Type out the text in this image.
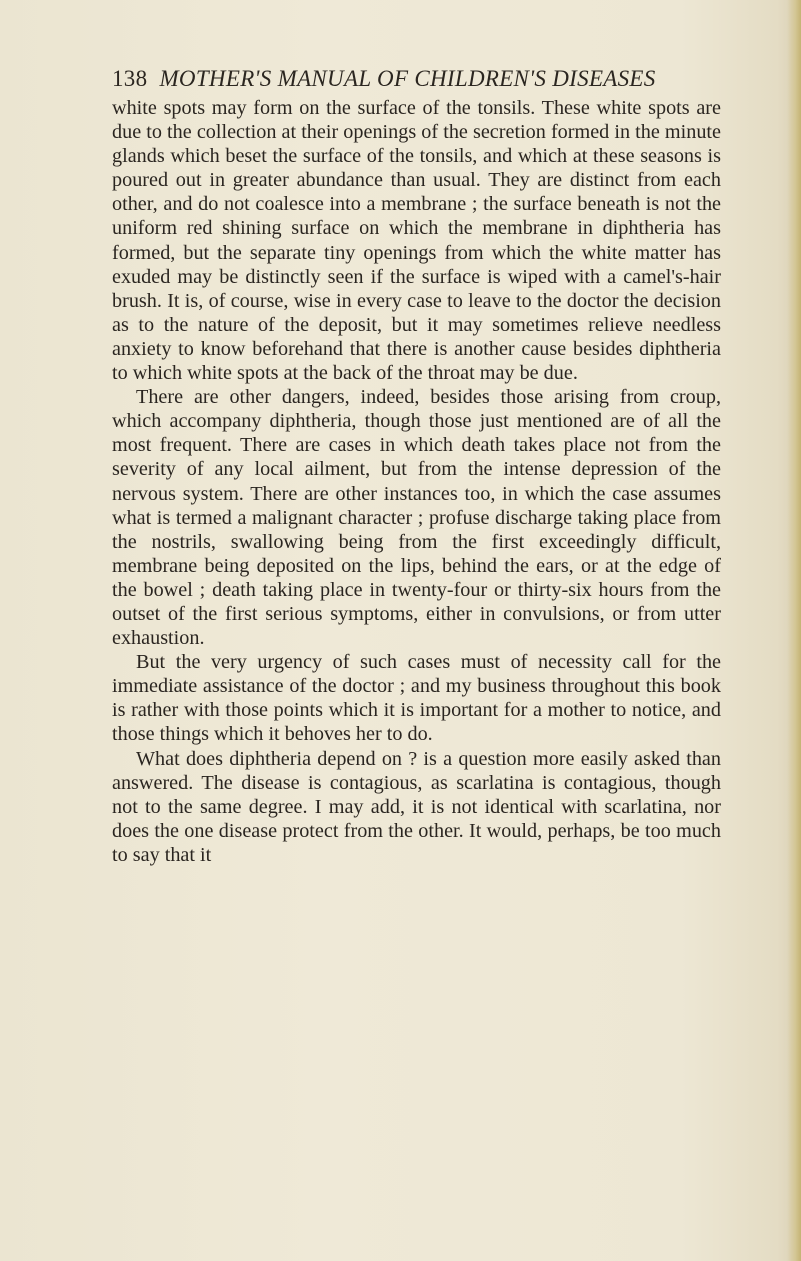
138 MOTHER'S MANUAL OF CHILDREN'S DISEASES

white spots may form on the surface of the tonsils. These white spots are due to the collection at their openings of the secretion formed in the minute glands which beset the surface of the tonsils, and which at these seasons is poured out in greater abundance than usual. They are distinct from each other, and do not coalesce into a membrane ; the surface beneath is not the uniform red shining surface on which the membrane in diphtheria has formed, but the separate tiny openings from which the white matter has exuded may be distinctly seen if the surface is wiped with a camel's-hair brush. It is, of course, wise in every case to leave to the doctor the decision as to the nature of the deposit, but it may sometimes relieve needless anxiety to know beforehand that there is another cause besides diphtheria to which white spots at the back of the throat may be due.

There are other dangers, indeed, besides those arising from croup, which accompany diphtheria, though those just mentioned are of all the most frequent. There are cases in which death takes place not from the severity of any local ailment, but from the intense depression of the nervous system. There are other instances too, in which the case assumes what is termed a malignant character ; profuse discharge taking place from the nostrils, swallowing being from the first exceedingly difficult, membrane being deposited on the lips, behind the ears, or at the edge of the bowel ; death taking place in twenty-four or thirty-six hours from the outset of the first serious symptoms, either in convulsions, or from utter exhaustion.

But the very urgency of such cases must of necessity call for the immediate assistance of the doctor ; and my business throughout this book is rather with those points which it is important for a mother to notice, and those things which it behoves her to do.

What does diphtheria depend on ? is a question more easily asked than answered. The disease is contagious, as scarlatina is contagious, though not to the same degree. I may add, it is not identical with scarlatina, nor does the one disease protect from the other. It would, perhaps, be too much to say that it
